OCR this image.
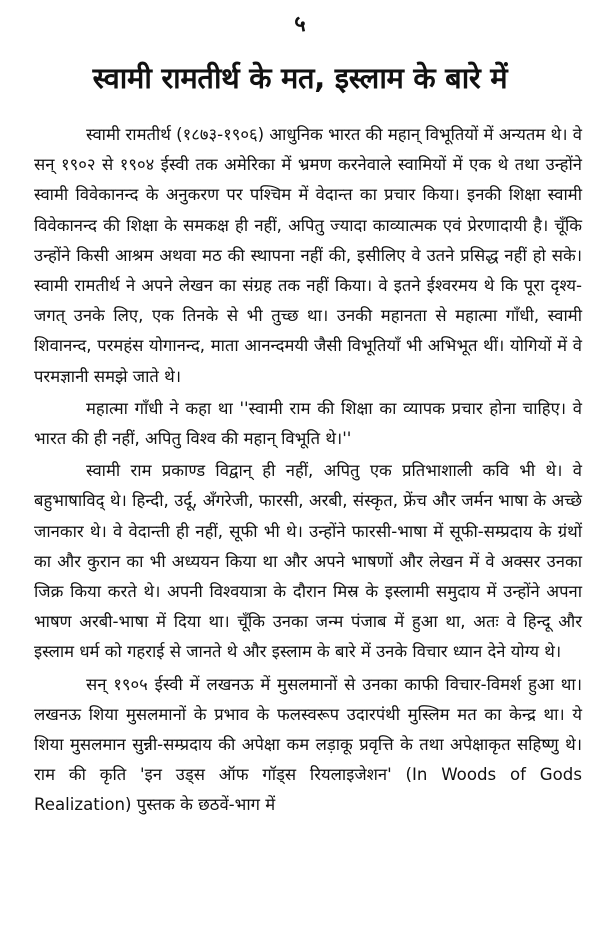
५
स्वामी रामतीर्थ के मत, इस्लाम के बारे में

स्वामी रामतीर्थ (१८७३-१९०६) आधुनिक भारत की महान् विभूतियों में अन्यतम थे। वे सन् १९०२ से १९०४ ईस्वी तक अमेरिका में भ्रमण करनेवाले स्वामियों में एक थे तथा उन्होंने स्वामी विवेकानन्द के अनुकरण पर पश्चिम में वेदान्त का प्रचार किया। इनकी शिक्षा स्वामी विवेकानन्द की शिक्षा के समकक्ष ही नहीं, अपितु ज्यादा काव्यात्मक एवं प्रेरणादायी है। चूँकि उन्होंने किसी आश्रम अथवा मठ की स्थापना नहीं की, इसीलिए वे उतने प्रसिद्ध नहीं हो सके। स्वामी रामतीर्थ ने अपने लेखन का संग्रह तक नहीं किया। वे इतने ईश्वरमय थे कि पूरा दृश्य-जगत् उनके लिए, एक तिनके से भी तुच्छ था। उनकी महानता से महात्मा गाँधी, स्वामी शिवानन्द, परमहंस योगानन्द, माता आनन्दमयी जैसी विभूतियाँ भी अभिभूत थीं। योगियों में वे परमज्ञानी समझे जाते थे।

महात्मा गाँधी ने कहा था ''स्वामी राम की शिक्षा का व्यापक प्रचार होना चाहिए। वे भारत की ही नहीं, अपितु विश्व की महान् विभूति थे।''

स्वामी राम प्रकाण्ड विद्वान् ही नहीं, अपितु एक प्रतिभाशाली कवि भी थे। वे बहुभाषाविद् थे। हिन्दी, उर्दू, अँगरेजी, फारसी, अरबी, संस्कृत, फ्रेंच और जर्मन भाषा के अच्छे जानकार थे। वे वेदान्ती ही नहीं, सूफी भी थे। उन्होंने फारसी-भाषा में सूफी-सम्प्रदाय के ग्रंथों का और कुरान का भी अध्ययन किया था और अपने भाषणों और लेखन में वे अक्सर उनका जिक्र किया करते थे। अपनी विश्वयात्रा के दौरान मिस्र के इस्लामी समुदाय में उन्होंने अपना भाषण अरबी-भाषा में दिया था। चूँकि उनका जन्म पंजाब में हुआ था, अतः वे हिन्दू और इस्लाम धर्म को गहराई से जानते थे और इस्लाम के बारे में उनके विचार ध्यान देने योग्य थे।

सन् १९०५ ईस्वी में लखनऊ में मुसलमानों से उनका काफी विचार-विमर्श हुआ था। लखनऊ शिया मुसलमानों के प्रभाव के फलस्वरूप उदारपंथी मुस्लिम मत का केन्द्र था। ये शिया मुसलमान सुन्नी-सम्प्रदाय की अपेक्षा कम लड़ाकू प्रवृत्ति के तथा अपेक्षाकृत सहिष्णु थे। राम की कृति 'इन उड्स ऑफ गॉड्स रियलाइजेशन' (In Woods of Gods Realization) पुस्तक के छठवें-भाग में
